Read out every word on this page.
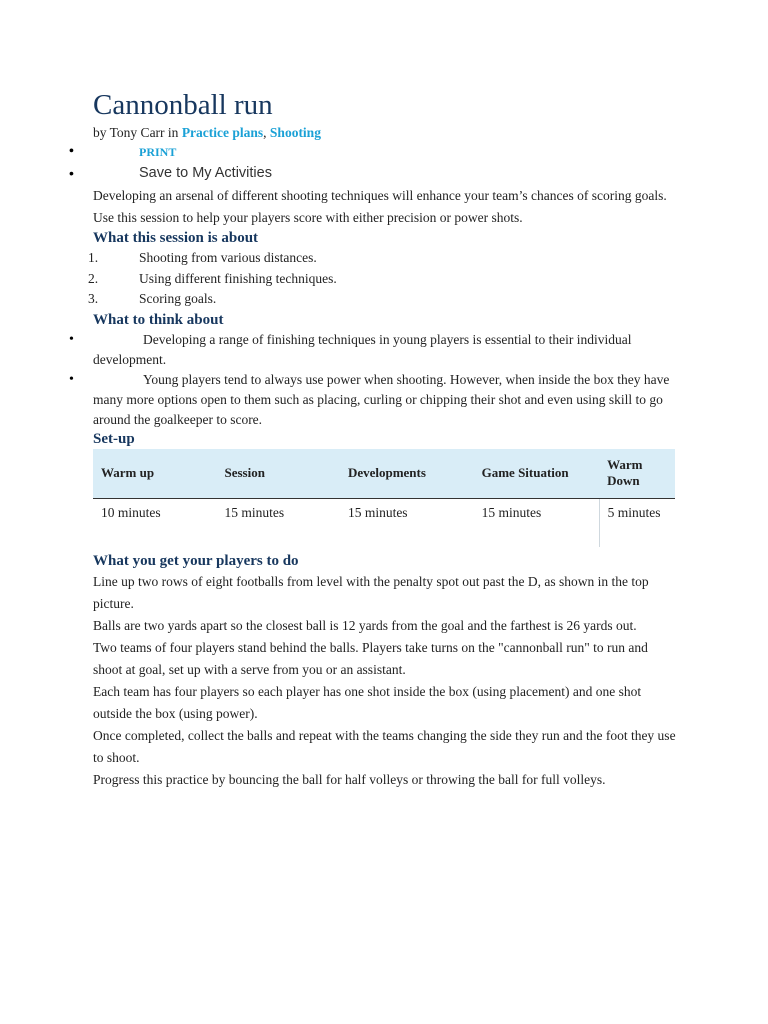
Cannonball run
by Tony Carr in Practice plans, Shooting
• PRINT
• Save to My Activities

Developing an arsenal of different shooting techniques will enhance your team’s chances of scoring goals. Use this session to help your players score with either precision or power shots.

What this session is about
1.	Shooting from various distances.
2.	Using different finishing techniques.
3.	Scoring goals.
What to think about
• Developing a range of finishing techniques in young players is essential to their individual development.
• Young players tend to always use power when shooting. However, when inside the box they have many more options open to them such as placing, curling or chipping their shot and even using skill to go around the goalkeeper to score.
Set-up
Warm up	Session	Developments	Game Situation	Warm Down
10 minutes	15 minutes	15 minutes	15 minutes	5 minutes
What you get your players to do

Line up two rows of eight footballs from level with the penalty spot out past the D, as shown in the top picture.

Balls are two yards apart so the closest ball is 12 yards from the goal and the farthest is 26 yards out.

Two teams of four players stand behind the balls. Players take turns on the "cannonball run" to run and shoot at goal, set up with a serve from you or an assistant.

Each team has four players so each player has one shot inside the box (using placement) and one shot outside the box (using power).

Once completed, collect the balls and repeat with the teams changing the side they run and the foot they use to shoot.

Progress this practice by bouncing the ball for half volleys or throwing the ball for full volleys.
